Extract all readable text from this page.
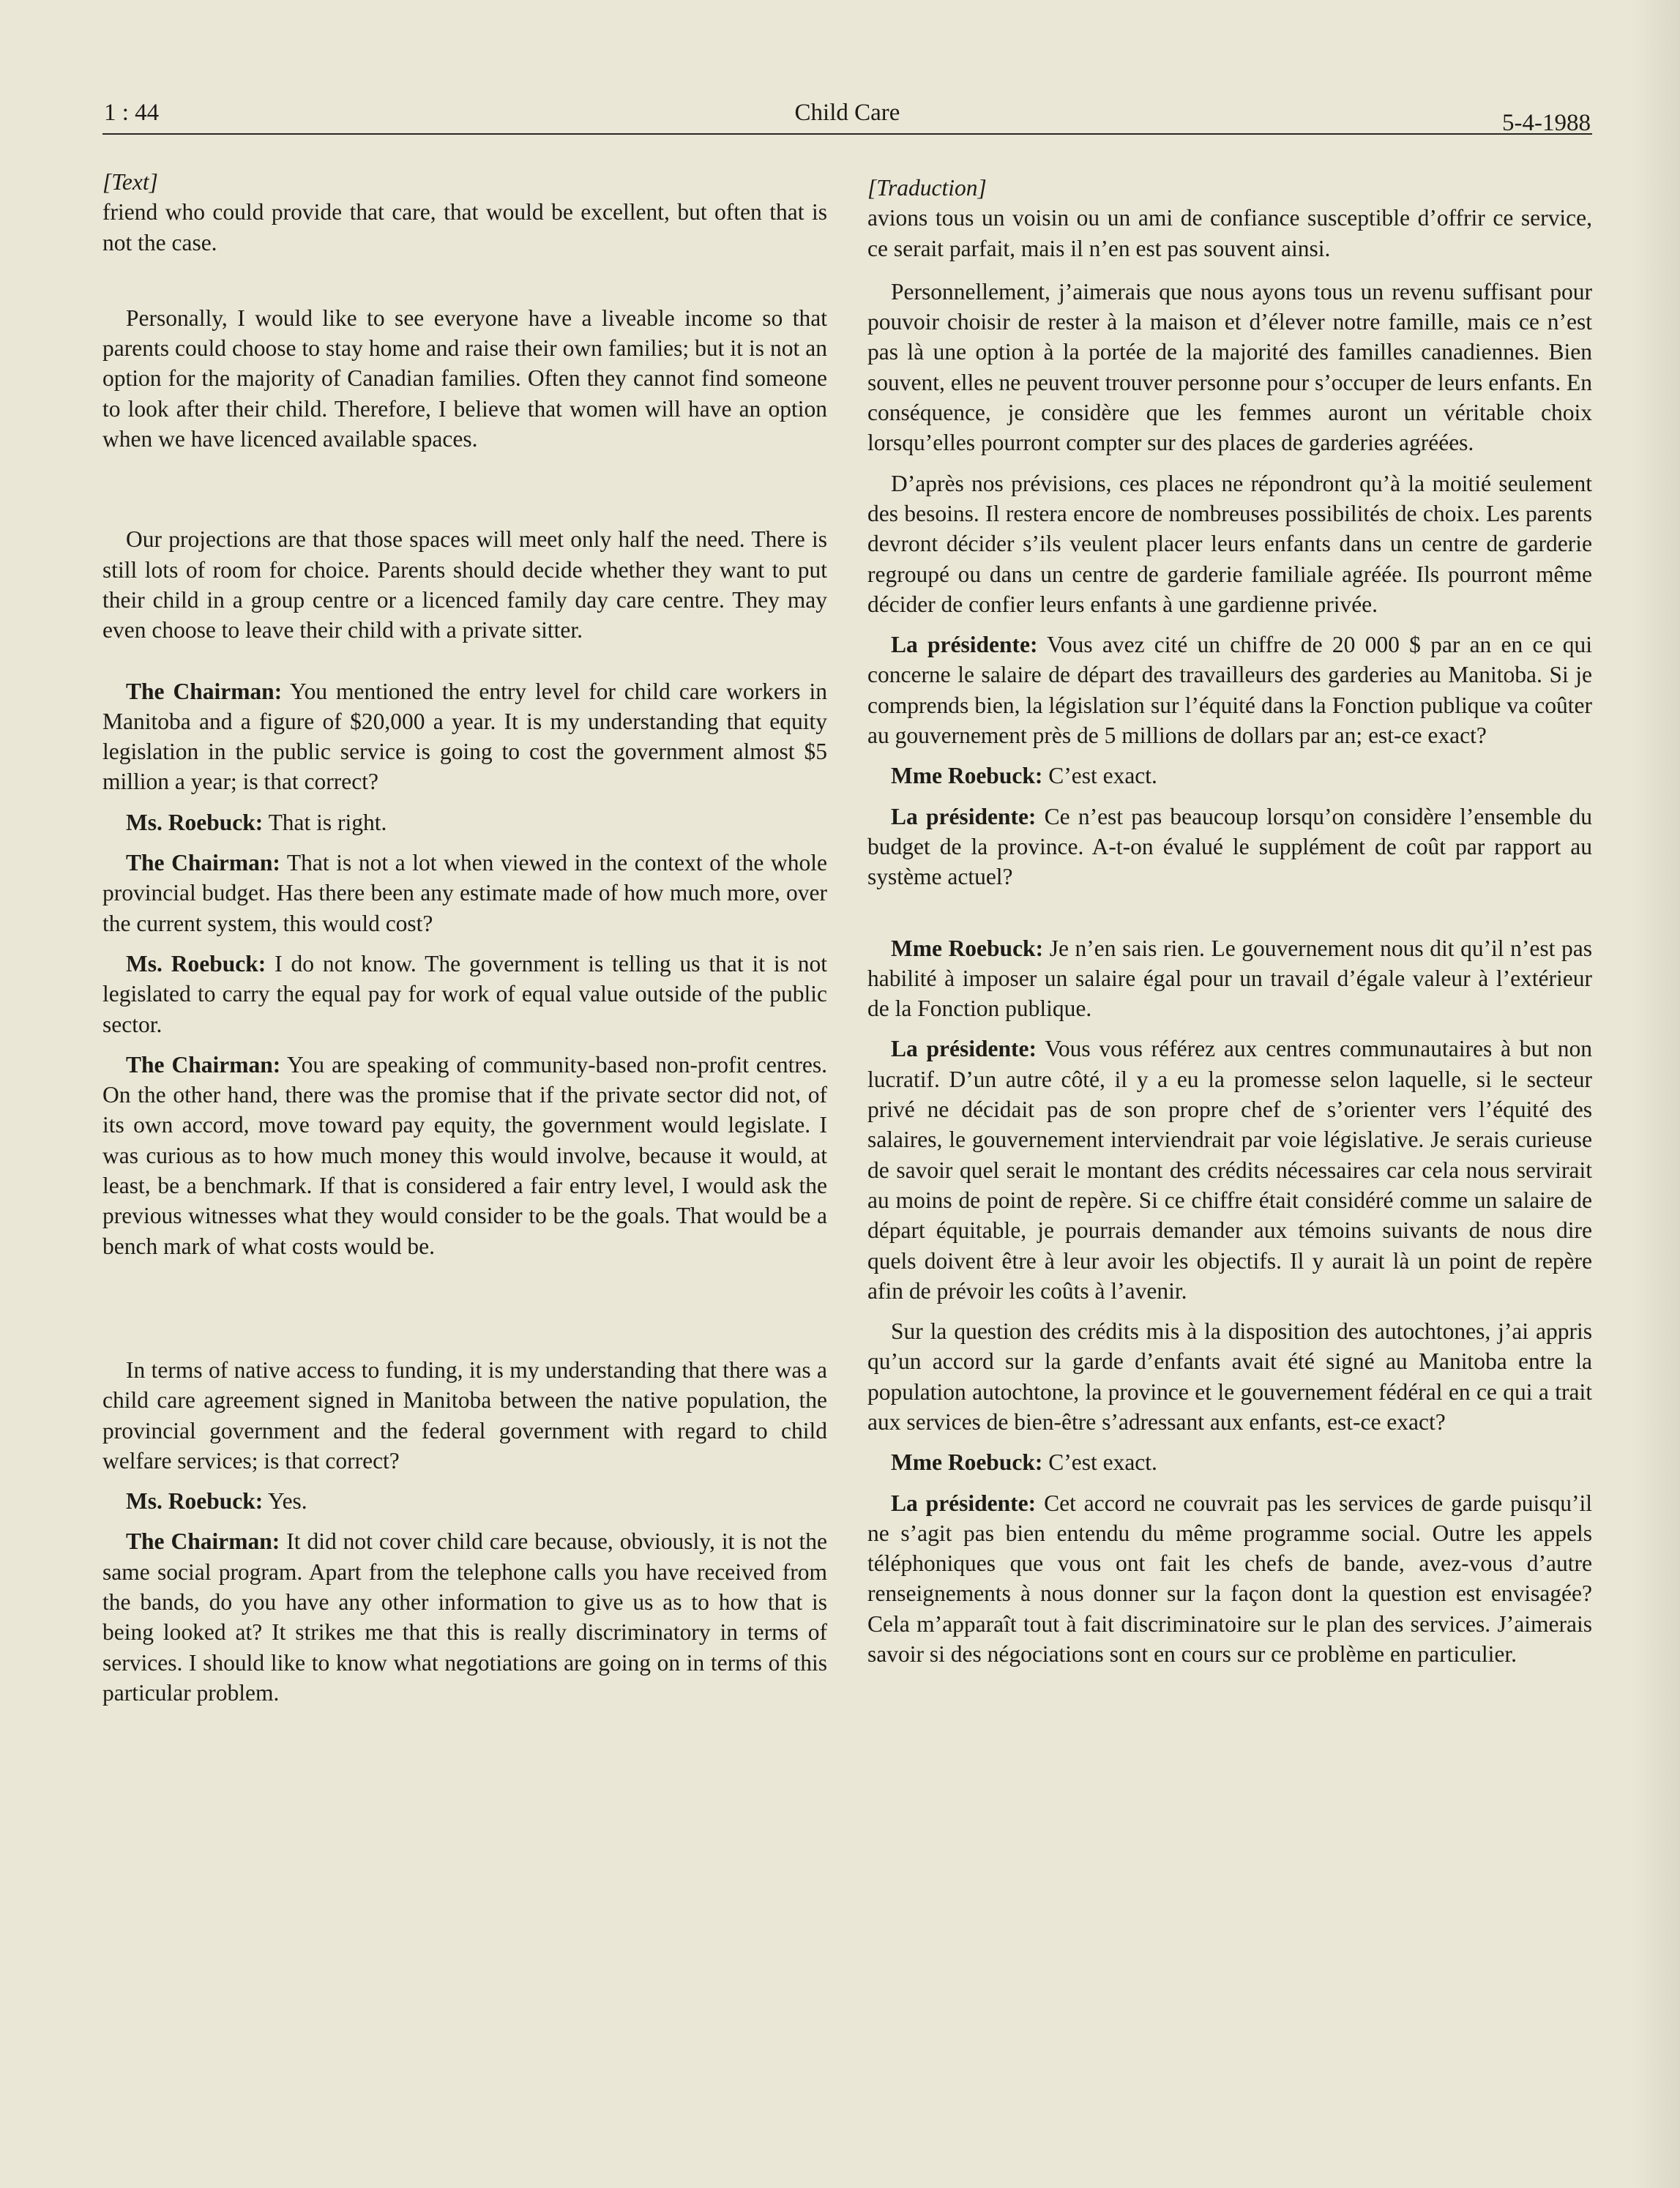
1 : 44	Child Care	5-4-1988

[Text]

friend who could provide that care, that would be excellent, but often that is not the case.

Personally, I would like to see everyone have a liveable income so that parents could choose to stay home and raise their own families; but it is not an option for the majority of Canadian families. Often they cannot find someone to look after their child. Therefore, I believe that women will have an option when we have licenced available spaces.

Our projections are that those spaces will meet only half the need. There is still lots of room for choice. Parents should decide whether they want to put their child in a group centre or a licenced family day care centre. They may even choose to leave their child with a private sitter.

The Chairman: You mentioned the entry level for child care workers in Manitoba and a figure of $20,000 a year. It is my understanding that equity legislation in the public service is going to cost the government almost $5 million a year; is that correct?

Ms. Roebuck: That is right.

The Chairman: That is not a lot when viewed in the context of the whole provincial budget. Has there been any estimate made of how much more, over the current system, this would cost?

Ms. Roebuck: I do not know. The government is telling us that it is not legislated to carry the equal pay for work of equal value outside of the public sector.

The Chairman: You are speaking of community-based non-profit centres. On the other hand, there was the promise that if the private sector did not, of its own accord, move toward pay equity, the government would legislate. I was curious as to how much money this would involve, because it would, at least, be a benchmark. If that is considered a fair entry level, I would ask the previous witnesses what they would consider to be the goals. That would be a bench mark of what costs would be.

In terms of native access to funding, it is my understanding that there was a child care agreement signed in Manitoba between the native population, the provincial government and the federal government with regard to child welfare services; is that correct?

Ms. Roebuck: Yes.

The Chairman: It did not cover child care because, obviously, it is not the same social program. Apart from the telephone calls you have received from the bands, do you have any other information to give us as to how that is being looked at? It strikes me that this is really discriminatory in terms of services. I should like to know what negotiations are going on in terms of this particular problem.

[Traduction]

avions tous un voisin ou un ami de confiance susceptible d’offrir ce service, ce serait parfait, mais il n’en est pas souvent ainsi.

Personnellement, j’aimerais que nous ayons tous un revenu suffisant pour pouvoir choisir de rester à la maison et d’élever notre famille, mais ce n’est pas là une option à la portée de la majorité des familles canadiennes. Bien souvent, elles ne peuvent trouver personne pour s’occuper de leurs enfants. En conséquence, je considère que les femmes auront un véritable choix lorsqu’elles pourront compter sur des places de garderies agréées.

D’après nos prévisions, ces places ne répondront qu’à la moitié seulement des besoins. Il restera encore de nombreuses possibilités de choix. Les parents devront décider s’ils veulent placer leurs enfants dans un centre de garderie regroupé ou dans un centre de garderie familiale agréée. Ils pourront même décider de confier leurs enfants à une gardienne privée.

La présidente: Vous avez cité un chiffre de 20 000 $ par an en ce qui concerne le salaire de départ des travailleurs des garderies au Manitoba. Si je comprends bien, la législation sur l’équité dans la Fonction publique va coûter au gouvernement près de 5 millions de dollars par an; est-ce exact?

Mme Roebuck: C’est exact.

La présidente: Ce n’est pas beaucoup lorsqu’on considère l’ensemble du budget de la province. A-t-on évalué le supplément de coût par rapport au système actuel?

Mme Roebuck: Je n’en sais rien. Le gouvernement nous dit qu’il n’est pas habilité à imposer un salaire égal pour un travail d’égale valeur à l’extérieur de la Fonction publique.

La présidente: Vous vous référez aux centres communautaires à but non lucratif. D’un autre côté, il y a eu la promesse selon laquelle, si le secteur privé ne décidait pas de son propre chef de s’orienter vers l’équité des salaires, le gouvernement interviendrait par voie législative. Je serais curieuse de savoir quel serait le montant des crédits nécessaires car cela nous servirait au moins de point de repère. Si ce chiffre était considéré comme un salaire de départ équitable, je pourrais demander aux témoins suivants de nous dire quels doivent être à leur avoir les objectifs. Il y aurait là un point de repère afin de prévoir les coûts à l’avenir.

Sur la question des crédits mis à la disposition des autochtones, j’ai appris qu’un accord sur la garde d’enfants avait été signé au Manitoba entre la population autochtone, la province et le gouvernement fédéral en ce qui a trait aux services de bien-être s’adressant aux enfants, est-ce exact?

Mme Roebuck: C’est exact.

La présidente: Cet accord ne couvrait pas les services de garde puisqu’il ne s’agit pas bien entendu du même programme social. Outre les appels téléphoniques que vous ont fait les chefs de bande, avez-vous d’autre renseignements à nous donner sur la façon dont la question est envisagée? Cela m’apparaît tout à fait discriminatoire sur le plan des services. J’aimerais savoir si des négociations sont en cours sur ce problème en particulier.
